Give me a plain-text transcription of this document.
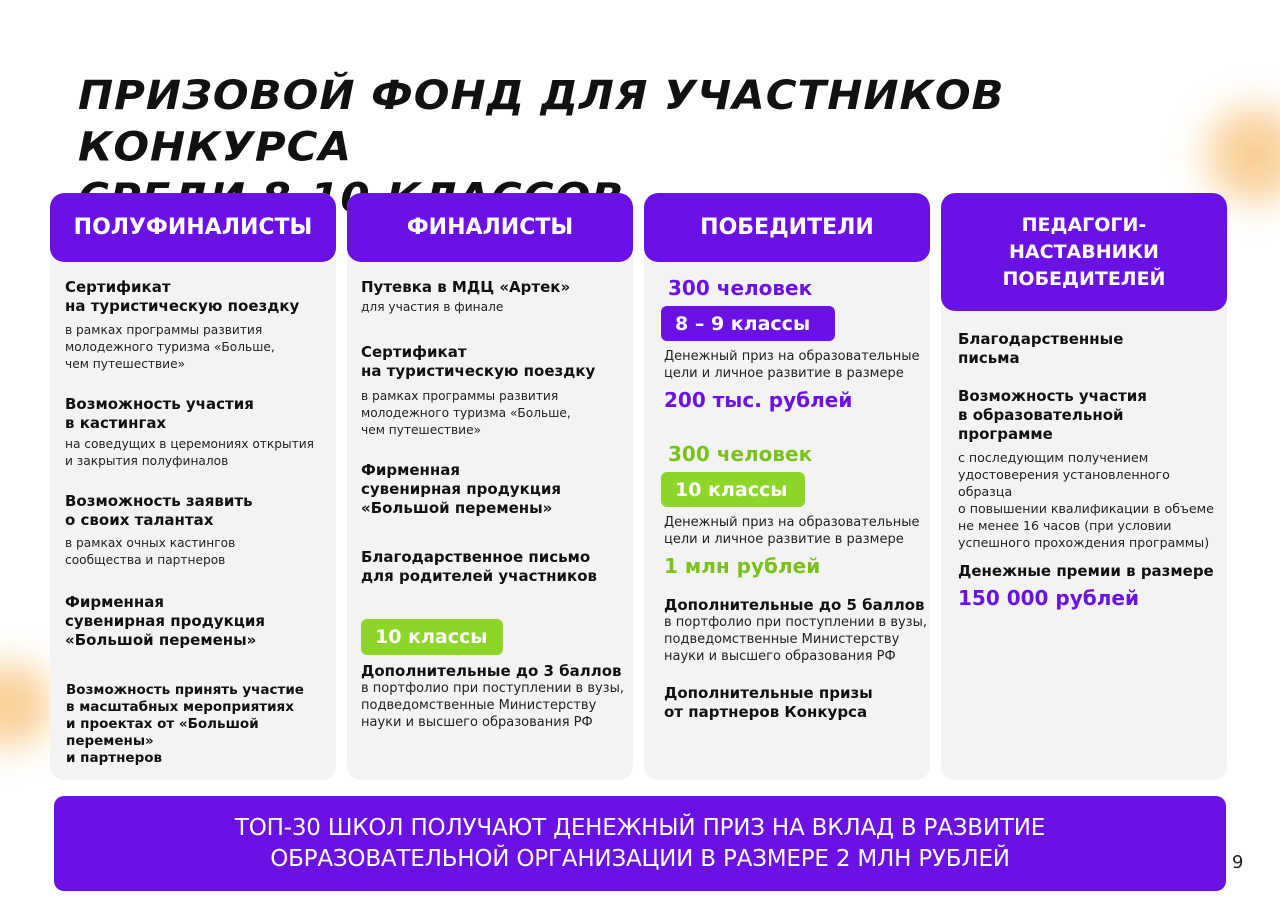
ПРИЗОВОЙ ФОНД ДЛЯ УЧАСТНИКОВ КОНКУРСА
ПОЛУФИНАЛИСТЫ
Сертификат
на туристическую поездку
в рамках программы развития
молодежного туризма «Больше,
чем путешествие»
Возможность участия
в кастингах
на соведущих в церемониях открытия
и закрытия полуфиналов
Возможность заявить
о своих талантах
в рамках очных кастингов
сообщества и партнеров
Фирменная
сувенирная продукция
«Большой перемены»
Возможность принять участие
в масштабных мероприятиях
и проектах от «Большой перемены»
и партнеров
ФИНАЛИСТЫ
Путевка в МДЦ «Артек»
для участия в финале
Сертификат
на туристическую поездку
в рамках программы развития
молодежного туризма «Больше,
чем путешествие»
Фирменная
сувенирная продукция
«Большой перемены»
Благодарственное письмо
для родителей участников
10 классы
Дополнительные до 3 баллов
в портфолио при поступлении в вузы,
подведомственные Министерству
науки и высшего образования РФ
ПОБЕДИТЕЛИ
300 человек
8 – 9 классы
Денежный приз на образовательные
цели и личное развитие в размере
200 тыс. рублей
300 человек
10 классы
Денежный приз на образовательные
цели и личное развитие в размере
1 млн рублей
Дополнительные до 5 баллов
в портфолио при поступлении в вузы,
подведомственные Министерству
науки и высшего образования РФ
Дополнительные призы
от партнеров Конкурса
ПЕДАГОГИ-
НАСТАВНИКИ
ПОБЕДИТЕЛЕЙ
Благодарственные
письма
Возможность участия
в образовательной
программе
с последующим получением
удостоверения установленного образца
о повышении квалификации в объеме
не менее 16 часов (при условии
успешного прохождения программы)
Денежные премии в размере
150 000 рублей
ТОП-30 ШКОЛ ПОЛУЧАЮТ ДЕНЕЖНЫЙ ПРИЗ НА ВКЛАД В РАЗВИТИЕ
ОБРАЗОВАТЕЛЬНОЙ ОРГАНИЗАЦИИ В РАЗМЕРЕ 2 МЛН РУБЛЕЙ	9
